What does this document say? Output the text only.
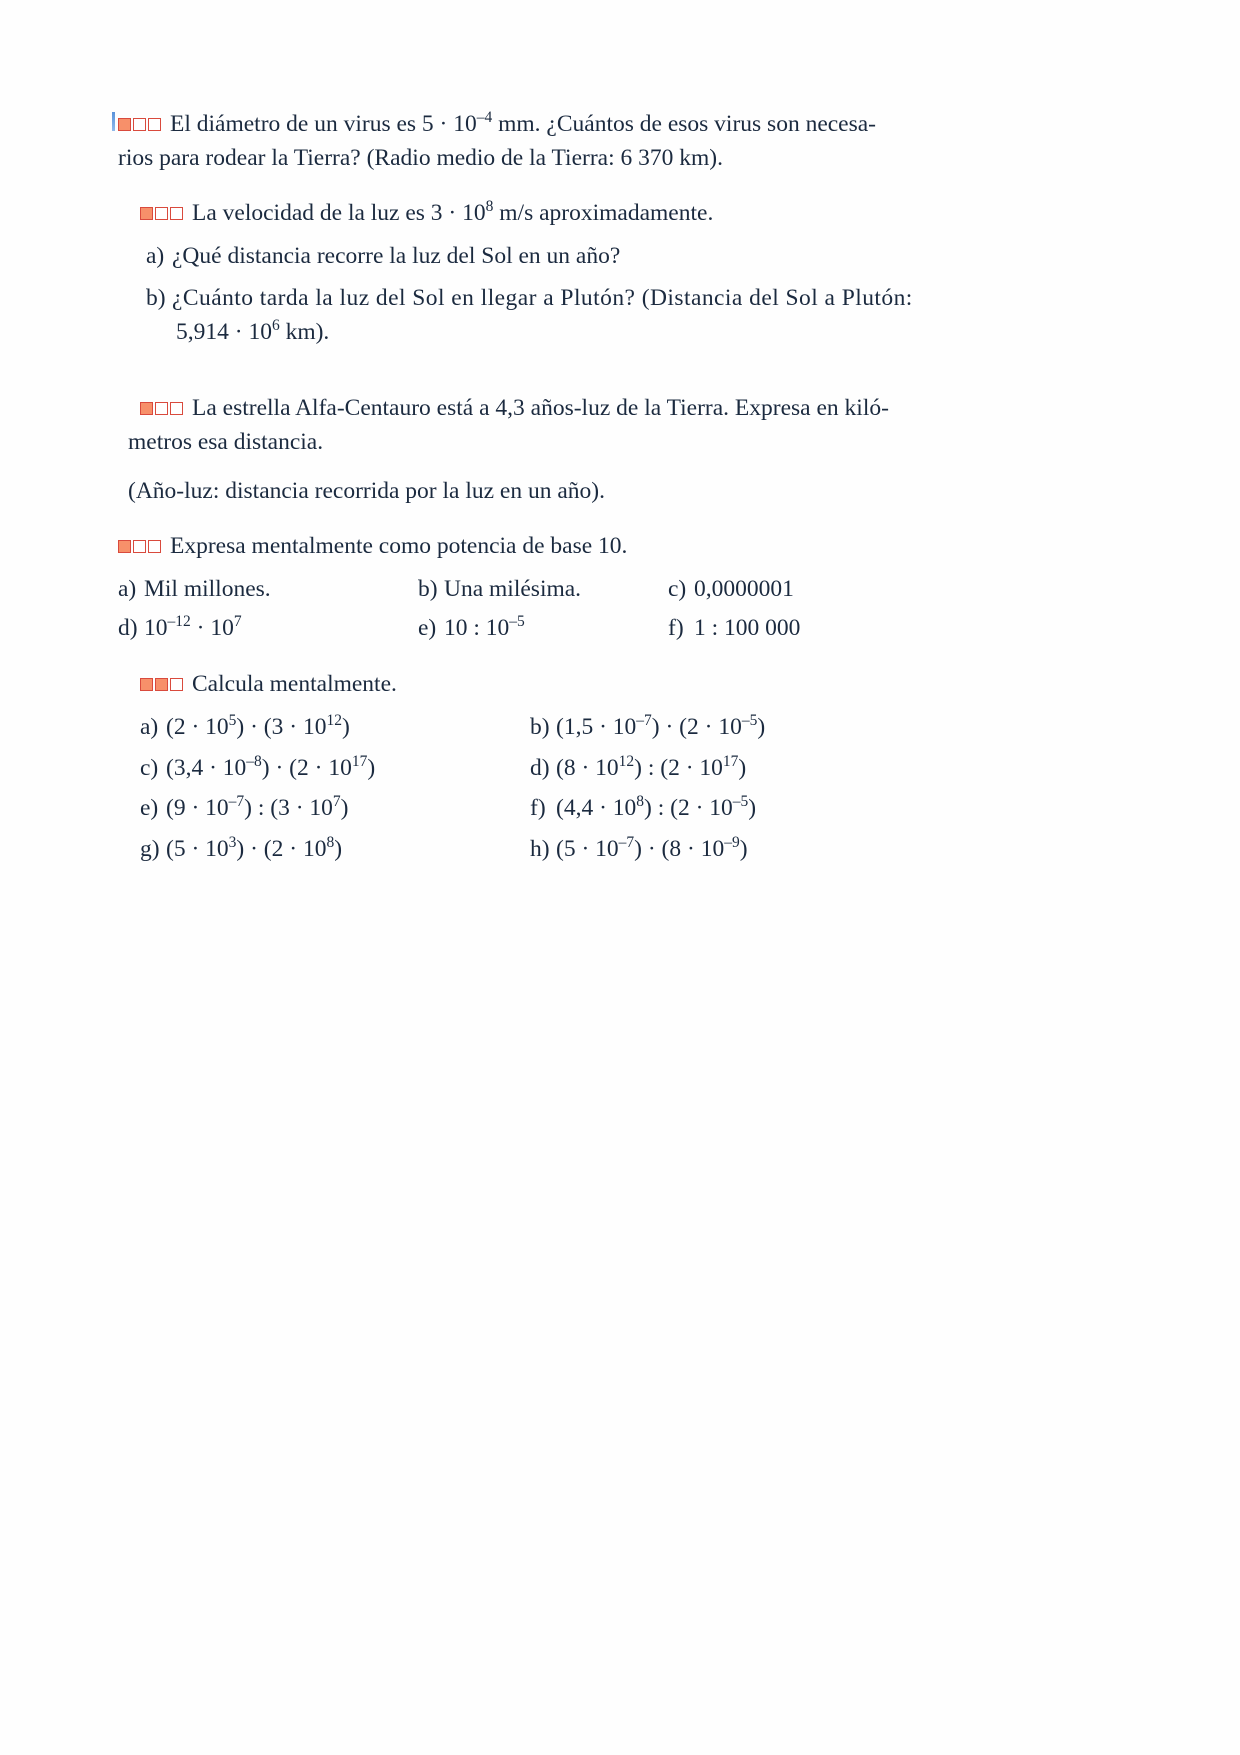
El diámetro de un virus es $5 \cdot 10^{-4}$ mm. ¿Cuántos de esos virus son necesa-

rios para rodear la Tierra? (Radio medio de la Tierra: 6 370 km).

La velocidad de la luz es $3 \cdot 10^8$ m/s aproximadamente.

a) ¿Qué distancia recorre la luz del Sol en un año?
b) ¿Cuánto tarda la luz del Sol en llegar a Plutón? (Distancia del Sol a Plutón:

$5,914 \cdot 10^6$ km).

La estrella Alfa-Centauro está a 4,3 años-luz de la Tierra. Expresa en kiló-

metros esa distancia.

(Año-luz: distancia recorrida por la luz en un año).

Expresa mentalmente como potencia de base 10.

a) Mil millones.	b) Una milésima.	c) 0,0000001
d) $10^{-12} \cdot 10^7$	e) 10 : $10^{-5}$	f) 1 : 100 000

Calcula mentalmente.

a) $(2 \cdot 10^5) \cdot (3 \cdot 10^{12})$	b) $(1,5 \cdot 10^{-7}) \cdot (2 \cdot 10^{-5})$
c) $(3,4 \cdot 10^{-8}) \cdot (2 \cdot 10^{17})$	d) $(8 \cdot 10^{12})$ : $(2 \cdot 10^{17})$
e) $(9 \cdot 10^{-7})$ : $(3 \cdot 10^7)$	f) $(4,4 \cdot 10^8)$ : $(2 \cdot 10^{-5})$
g) $(5 \cdot 10^3) \cdot (2 \cdot 10^8)$	h) $(5 \cdot 10^{-7}) \cdot (8 \cdot 10^{-9})$
